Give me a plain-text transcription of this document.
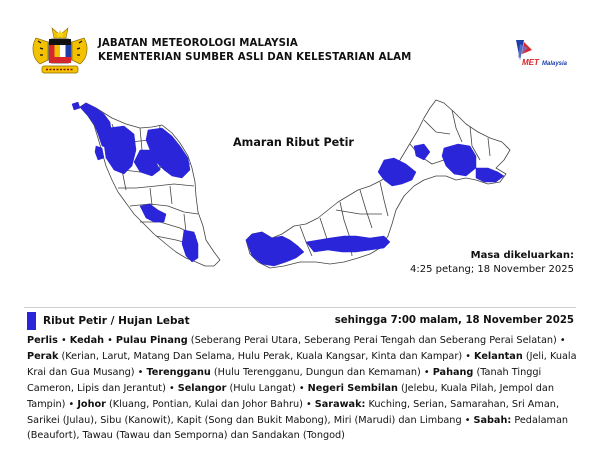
JABATAN METEOROLOGI MALAYSIA
KEMENTERIAN SUMBER ASLI DAN KELESTARIAN ALAM	MET Malaysia
Amaran Ribut Petir
Masa dikeluarkan:
4:25 petang; 18 November 2025
Ribut Petir / Hujan Lebat	sehingga 7:00 malam, 18 November 2025
Perlis • Kedah • Pulau Pinang (Seberang Perai Utara, Seberang Perai Tengah dan Seberang Perai Selatan) • Perak (Kerian, Larut, Matang Dan Selama, Hulu Perak, Kuala Kangsar, Kinta dan Kampar) • Kelantan (Jeli, Kuala Krai dan Gua Musang) • Terengganu (Hulu Terengganu, Dungun dan Kemaman) • Pahang (Tanah Tinggi Cameron, Lipis dan Jerantut) • Selangor (Hulu Langat) • Negeri Sembilan (Jelebu, Kuala Pilah, Jempol dan Tampin) • Johor (Kluang, Pontian, Kulai dan Johor Bahru) • Sarawak: Kuching, Serian, Samarahan, Sri Aman, Sarikei (Julau), Sibu (Kanowit), Kapit (Song dan Bukit Mabong), Miri (Marudi) dan Limbang • Sabah: Pedalaman (Beaufort), Tawau (Tawau dan Semporna) dan Sandakan (Tongod)
